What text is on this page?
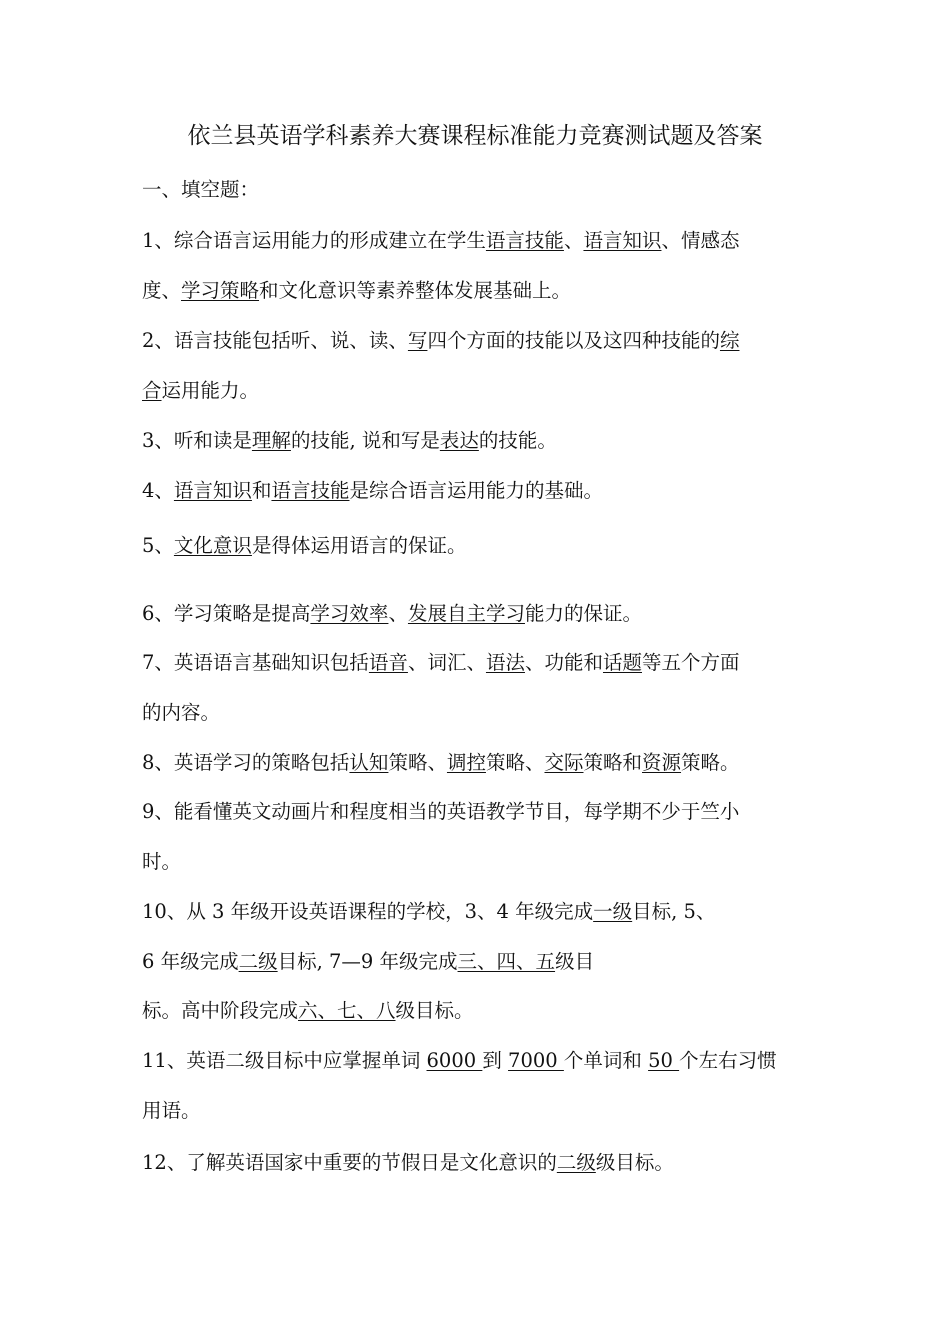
依兰县英语学科素养大赛课程标准能力竞赛测试题及答案
一、填空题：
1、综合语言运用能力的形成建立在学生语言技能、语言知识、情感态
度、学习策略和文化意识等素养整体发展基础上。
2、语言技能包括听、说、读、写四个方面的技能以及这四种技能的综
合运用能力。
3、听和读是理解的技能, 说和写是表达的技能。
4、语言知识和语言技能是综合语言运用能力的基础。
5、文化意识是得体运用语言的保证。
6、学习策略是提高学习效率、发展自主学习能力的保证。
7、英语语言基础知识包括语音、词汇、语法、功能和话题等五个方面
的内容。
8、英语学习的策略包括认知策略、调控策略、交际策略和资源策略。
9、能看懂英文动画片和程度相当的英语教学节目，每学期不少于竺小
时。
10、从 3 年级开设英语课程的学校，3、4 年级完成一级目标, 5、
6 年级完成二级目标, 7—9 年级完成三、四、五级目
标。高中阶段完成六、七、八级目标。
11、英语二级目标中应掌握单词 6000 到 7000 个单词和 50 个左右习惯
用语。
12、了解英语国家中重要的节假日是文化意识的二级级目标。
